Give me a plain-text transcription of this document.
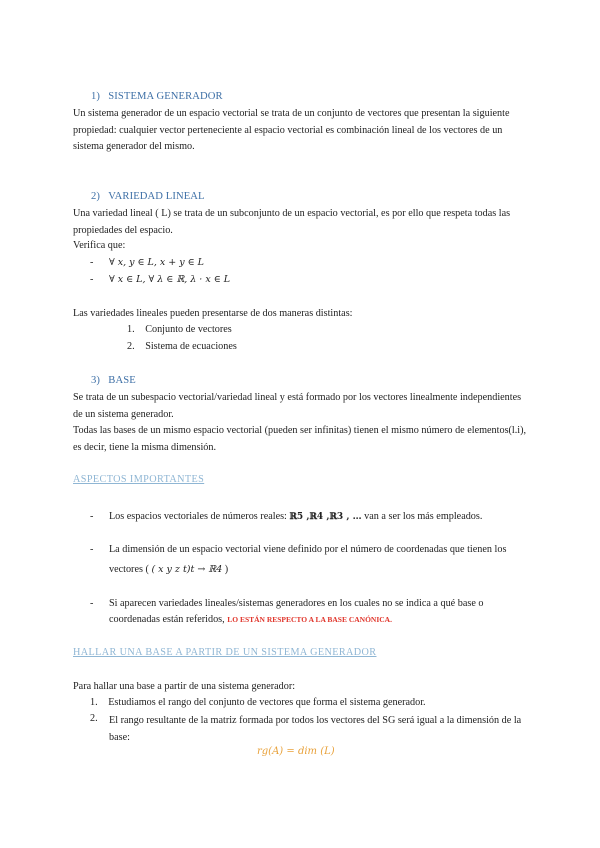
1) SISTEMA GENERADOR
Un sistema generador de un espacio vectorial se trata de un conjunto de vectores que presentan la siguiente propiedad: cualquier vector perteneciente al espacio vectorial es combinación lineal de los vectores de un sistema generador del mismo.
2) VARIEDAD LINEAL
Una variedad lineal ( L) se trata de un subconjunto de un espacio vectorial, es por ello que respeta todas las propiedades del espacio.
Verifica que:
- ∀ x, y ∈ L, x + y ∈ L
- ∀ x ∈ L, ∀ λ ∈ ℝ, λ · x ∈ L
Las variedades lineales pueden presentarse de dos maneras distintas:
1. Conjunto de vectores
2. Sistema de ecuaciones
3) BASE
Se trata de un subespacio vectorial/variedad lineal y está formado por los vectores linealmente independientes de un sistema generador.
Todas las bases de un mismo espacio vectorial (pueden ser infinitas) tienen el mismo número de elementos(l.i), es decir, tiene la misma dimensión.
ASPECTOS IMPORTANTES
- Los espacios vectoriales de números reales: ℝ5 ,ℝ4 ,ℝ3 , … van a ser los más empleados.
- La dimensión de un espacio vectorial viene definido por el número de coordenadas que tienen los
vectores ( ( x y z t)t → ℝ4 )
- Si aparecen variedades lineales/sistemas generadores en los cuales no se indica a qué base o
coordenadas están referidos, LO ESTÁN RESPECTO A LA BASE CANÓNICA.
HALLAR UNA BASE A PARTIR DE UN SISTEMA GENERADOR
Para hallar una base a partir de una sistema generador:
1. Estudiamos el rango del conjunto de vectores que forma el sistema generador.
2. El rango resultante de la matriz formada por todos los vectores del SG será igual a la dimensión de la base:
rg(A) = dim (L)
